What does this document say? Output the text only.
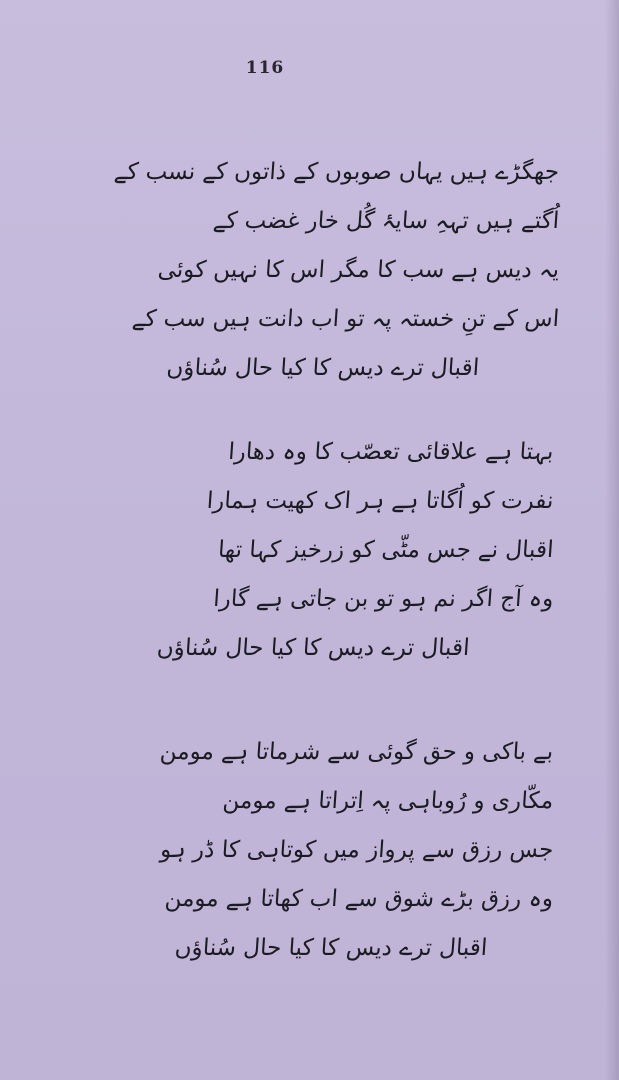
116
جھگڑے ہیں یہاں صوبوں کے ذاتوں کے نسب کے
اُگتے ہیں تہہِ سایۂ گُل خار غضب کے
یہ دیس ہے سب کا مگر اس کا نہیں کوئی
اس کے تنِ خستہ پہ تو اب دانت ہیں سب کے
اقبال ترے دیس کا کیا حال سُناؤں
بہتا ہے علاقائی تعصّب کا وہ دھارا
نفرت کو اُگاتا ہے ہر اک کھیت ہمارا
اقبال نے جس مٹّی کو زرخیز کہا تھا
وہ آج اگر نم ہو تو بن جاتی ہے گارا
اقبال ترے دیس کا کیا حال سُناؤں
بے باکی و حق گوئی سے شرماتا ہے مومن
مکّاری و رُوباہی پہ اِتراتا ہے مومن
جس رزق سے پرواز میں کوتاہی کا ڈر ہو
وہ رزق بڑے شوق سے اب کھاتا ہے مومن
اقبال ترے دیس کا کیا حال سُناؤں
